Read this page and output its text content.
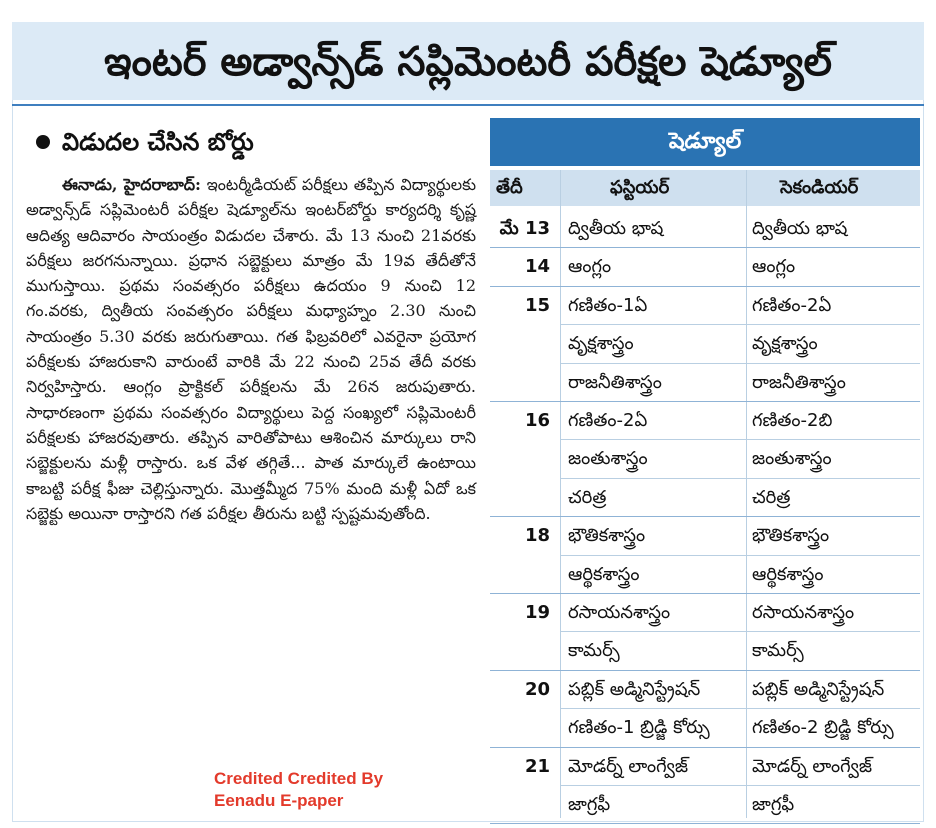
ఇంటర్ అడ్వాన్స్‌డ్ సప్లిమెంటరీ పరీక్షల షెడ్యూల్
విడుదల చేసిన బోర్డు

ఈనాడు, హైదరాబాద్: ఇంటర్మీడియట్ పరీక్షలు తప్పిన విద్యార్థులకు అడ్వాన్స్‌డ్ సప్లిమెంటరీ పరీక్షల షెడ్యూల్‌ను ఇంటర్‌బోర్డు కార్యదర్శి కృష్ణ ఆదిత్య ఆదివారం సాయంత్రం విడుదల చేశారు. మే 13 నుంచి 21వరకు పరీక్షలు జరగనున్నాయి. ప్రధాన సబ్జెక్టులు మాత్రం మే 19వ తేదీతోనే ముగుస్తాయి. ప్రథమ సంవత్సరం పరీక్షలు ఉదయం 9 నుంచి 12 గం.వరకు, ద్వితీయ సంవత్సరం పరీక్షలు మధ్యాహ్నం 2.30 నుంచి సాయంత్రం 5.30 వరకు జరుగుతాయి. గత ఫిబ్రవరిలో ఎవరైనా ప్రయోగ పరీక్షలకు హాజరుకాని వారుంటే వారికి మే 22 నుంచి 25వ తేదీ వరకు నిర్వహిస్తారు. ఆంగ్లం ప్రాక్టికల్ పరీక్షలను మే 26న జరుపుతారు. సాధారణంగా ప్రథమ సంవత్సరం విద్యార్థులు పెద్ద సంఖ్యలో సప్లిమెంటరీ పరీక్షలకు హాజరవుతారు. తప్పిన వారితోపాటు ఆశించిన మార్కులు రాని సబ్జెక్టులను మళ్లీ రాస్తారు. ఒక వేళ తగ్గితే... పాత మార్కులే ఉంటాయి కాబట్టి పరీక్ష ఫీజు చెల్లిస్తున్నారు. మొత్తమ్మీద 75% మంది మళ్లీ ఏదో ఒక సబ్జెక్టు అయినా రాస్తారని గత పరీక్షల తీరును బట్టి స్పష్టమవుతోంది.

Credited Credited By
Eenadu E-paper
షెడ్యూల్
తేదీ	ఫస్టియర్	సెకండియర్
మే 13 ద్వితీయ భాష	ద్వితీయ భాష
14 ఆంగ్లం	ఆంగ్లం
15 గణితం-1ఏ	గణితం-2ఏ
వృక్షశాస్త్రం	వృక్షశాస్త్రం
రాజనీతిశాస్త్రం	రాజనీతిశాస్త్రం
16 గణితం-2ఏ	గణితం-2బి
జంతుశాస్త్రం	జంతుశాస్త్రం
చరిత్ర	చరిత్ర
18 భౌతికశాస్త్రం	భౌతికశాస్త్రం
ఆర్థికశాస్త్రం	ఆర్థికశాస్త్రం
19 రసాయనశాస్త్రం	రసాయనశాస్త్రం
కామర్స్	కామర్స్
20 పబ్లిక్ అడ్మినిస్ట్రేషన్	పబ్లిక్ అడ్మినిస్ట్రేషన్
గణితం-1 బ్రిడ్జి కోర్సు	గణితం-2 బ్రిడ్జి కోర్సు
21 మోడర్న్ లాంగ్వేజ్	మోడర్న్ లాంగ్వేజ్
జాగ్రఫీ	జాగ్రఫీ
